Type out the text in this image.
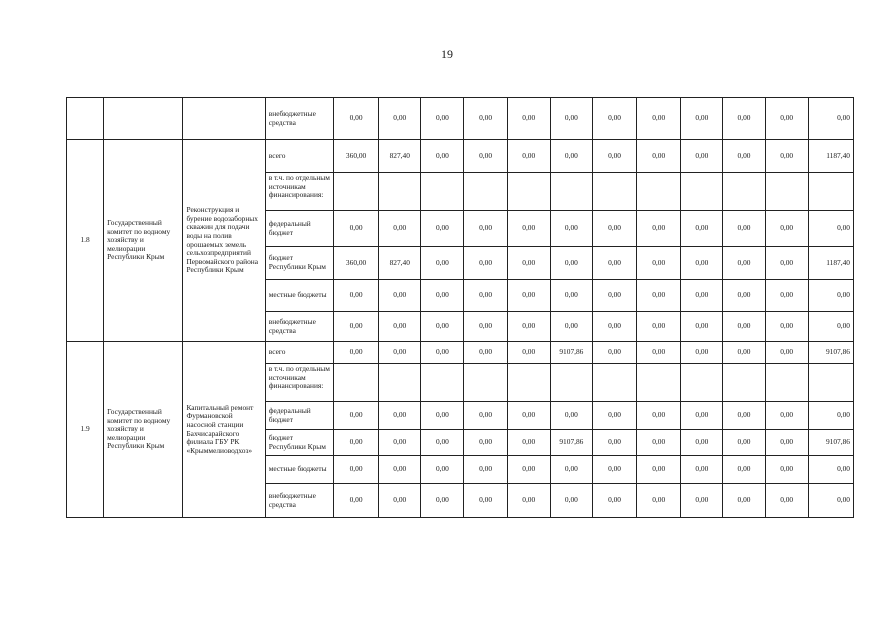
19
			внебюджетные средства	0,00	0,00	0,00	0,00	0,00	0,00	0,00	0,00	0,00	0,00	0,00	0,00
1.8	Государственный комитет по водному хозяйству и мелиорации Республики Крым	Реконструкция и бурение водозаборных скважин для подачи воды на полив орошаемых земель сельхозпредприятий Первомайского района Республики Крым	всего	360,00	827,40	0,00	0,00	0,00	0,00	0,00	0,00	0,00	0,00	0,00	1187,40
			в т.ч. по отдельным источникам финансирования:												
			федеральный бюджет	0,00	0,00	0,00	0,00	0,00	0,00	0,00	0,00	0,00	0,00	0,00	0,00
			бюджет Республики Крым	360,00	827,40	0,00	0,00	0,00	0,00	0,00	0,00	0,00	0,00	0,00	1187,40
			местные бюджеты	0,00	0,00	0,00	0,00	0,00	0,00	0,00	0,00	0,00	0,00	0,00	0,00
			внебюджетные средства	0,00	0,00	0,00	0,00	0,00	0,00	0,00	0,00	0,00	0,00	0,00	0,00
1.9	Государственный комитет по водному хозяйству и мелиорации Республики Крым	Капитальный ремонт Фурмановской насосной станции Бахчисарайского филиала ГБУ РК «Крыммелиоводхоз»	всего	0,00	0,00	0,00	0,00	0,00	9107,86	0,00	0,00	0,00	0,00	0,00	9107,86
			в т.ч. по отдельным источникам финансирования:												
			федеральный бюджет	0,00	0,00	0,00	0,00	0,00	0,00	0,00	0,00	0,00	0,00	0,00	0,00
			бюджет Республики Крым	0,00	0,00	0,00	0,00	0,00	9107,86	0,00	0,00	0,00	0,00	0,00	9107,86
			местные бюджеты	0,00	0,00	0,00	0,00	0,00	0,00	0,00	0,00	0,00	0,00	0,00	0,00
			внебюджетные средства	0,00	0,00	0,00	0,00	0,00	0,00	0,00	0,00	0,00	0,00	0,00	0,00
